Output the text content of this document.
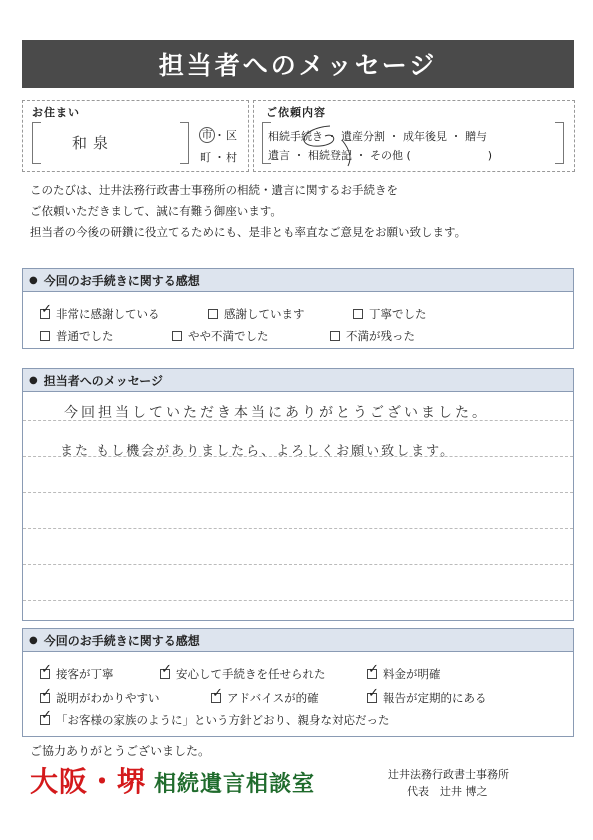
担当者へのメッセージ
お住まい
和泉	市 ・ 区
町 ・ 村
ご依頼内容
相続手続き ・ 遺産分割 ・ 成年後見 ・ 贈与
遺言 ・ 相続登記 ・ その他 (　　　　　　　)
このたびは、辻井法務行政書士事務所の相続・遺言に関するお手続きを
ご依頼いただきまして、誠に有難う御座います。
担当者の今後の研鑽に役立てるためにも、是非とも率直なご意見をお願い致します。
● 今回のお手続きに関する感想
✓
非常に感謝している	感謝しています	丁寧でした
普通でした	やや不満でした	不満が残った
● 担当者へのメッセージ
今回担当していただき本当にありがとうございました。
また もし機会がありましたら、よろしくお願い致します。
● 今回のお手続きに関する感想
✓
接客が丁寧 ✓	安心して手続きを任せられた ✓	料金が明確
✓
説明がわかりやすい ✓	アドバイスが的確 ✓	報告が定期的にある
✓
「お客様の家族のように」という方針どおり、親身な対応だった
ご協力ありがとうございました。
大阪・堺 相続遺言相談室	辻井法務行政書士事務所
代表　辻井 博之
